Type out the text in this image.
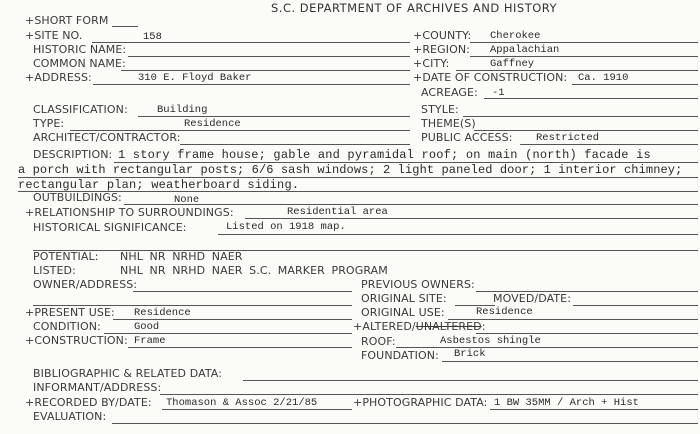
S.C. DEPARTMENT OF ARCHIVES AND HISTORY
+SHORT FORM
+SITE NO.	158	+COUNTY: Cherokee
HISTORIC NAME:	+REGION: Appalachian
COMMON NAME:	+CITY:	Gaffney
+ADDRESS:	310 E. Floyd Baker	+DATE OF CONSTRUCTION: Ca. 1910
ACREAGE: -1
CLASSIFICATION:	Building	STYLE:
TYPE:	Residence	THEME(S)
ARCHITECT/CONTRACTOR:	PUBLIC ACCESS: Restricted
DESCRIPTION: 1 story frame house; gable and pyramidal roof; on main (north) facade is
a porch with rectangular posts; 6/6 sash windows; 2 light paneled door; 1 interior chimney;
rectangular plan; weatherboard siding.
OUTBUILDINGS:	None
+RELATIONSHIP TO SURROUNDINGS:	Residential area
HISTORICAL SIGNIFICANCE:	Listed on 1918 map.
POTENTIAL: NHL NR NRHD NAER
LISTED:	NHL NR NRHD NAER S.C. MARKER PROGRAM
OWNER/ADDRESS:	PREVIOUS OWNERS:
ORIGINAL SITE:	MOVED/DATE:
+PRESENT USE: Residence	ORIGINAL USE:	Residence
CONDITION:	Good	+ALTERED/UNALTERED:
+CONSTRUCTION: Frame	ROOF:	Asbestos shingle
FOUNDATION: Brick
BIBLIOGRAPHIC & RELATED DATA:
INFORMANT/ADDRESS:
+RECORDED BY/DATE: Thomason & Assoc 2/21/85	+PHOTOGRAPHIC DATA: 1 BW 35MM / Arch + Hist
EVALUATION:
